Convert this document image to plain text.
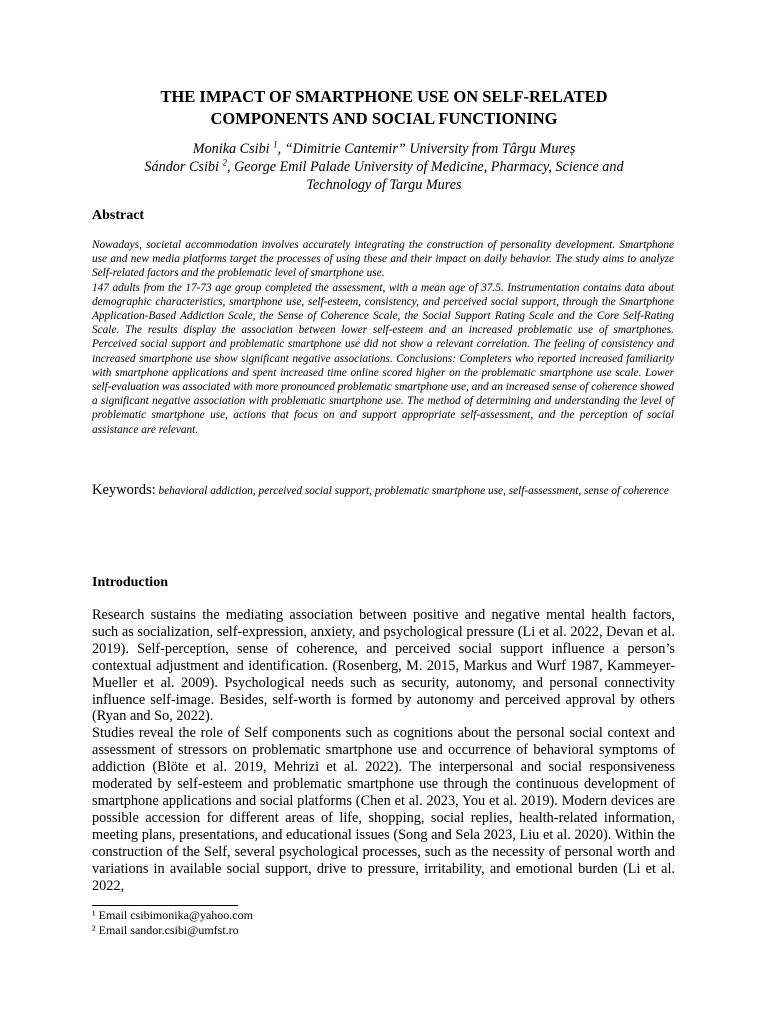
THE IMPACT OF SMARTPHONE USE ON SELF-RELATED
COMPONENTS AND SOCIAL FUNCTIONING
Monika Csibi $^1$, “Dimitrie Cantemir” University from Târgu Mureș
Sándor Csibi $^2$, George Emil Palade University of Medicine, Pharmacy, Science and
Technology of Targu Mures
Abstract

Nowadays, societal accommodation involves accurately integrating the construction of personality development. Smartphone use and new media platforms target the processes of using these and their impact on daily behavior. The study aims to analyze Self-related factors and the problematic level of smartphone use.

147 adults from the 17-73 age group completed the assessment, with a mean age of 37.5. Instrumentation contains data about demographic characteristics, smartphone use, self-esteem, consistency, and perceived social support, through the Smartphone Application-Based Addiction Scale, the Sense of Coherence Scale, the Social Support Rating Scale and the Core Self-Rating Scale. The results display the association between lower self-esteem and an increased problematic use of smartphones. Perceived social support and problematic smartphone use did not show a relevant correlation. The feeling of consistency and increased smartphone use show significant negative associations. Conclusions: Completers who reported increased familiarity with smartphone applications and spent increased time online scored higher on the problematic smartphone use scale. Lower self-evaluation was associated with more pronounced problematic smartphone use, and an increased sense of coherence showed a significant negative association with problematic smartphone use. The method of determining and understanding the level of problematic smartphone use, actions that focus on and support appropriate self-assessment, and the perception of social assistance are relevant.

Keywords: behavioral addiction, perceived social support, problematic smartphone use, self-assessment, sense of coherence
Introduction

Research sustains the mediating association between positive and negative mental health factors, such as socialization, self-expression, anxiety, and psychological pressure (Li et al. 2022, Devan et al. 2019). Self-perception, sense of coherence, and perceived social support influence a person’s contextual adjustment and identification. (Rosenberg, M. 2015, Markus and Wurf 1987, Kammeyer-Mueller et al. 2009). Psychological needs such as security, autonomy, and personal connectivity influence self-image. Besides, self-worth is formed by autonomy and perceived approval by others (Ryan and So, 2022).

Studies reveal the role of Self components such as cognitions about the personal social context and assessment of stressors on problematic smartphone use and occurrence of behavioral symptoms of addiction (Blöte et al. 2019, Mehrizi et al. 2022). The interpersonal and social responsiveness moderated by self-esteem and problematic smartphone use through the continuous development of smartphone applications and social platforms (Chen et al. 2023, You et al. 2019). Modern devices are possible accession for different areas of life, shopping, social replies, health-related information, meeting plans, presentations, and educational issues (Song and Sela 2023, Liu et al. 2020). Within the construction of the Self, several psychological processes, such as the necessity of personal worth and variations in available social support, drive to pressure, irritability, and emotional burden (Li et al. 2022,

¹ Email csibimonika@yahoo.com
² Email sandor.csibi@umfst.ro
